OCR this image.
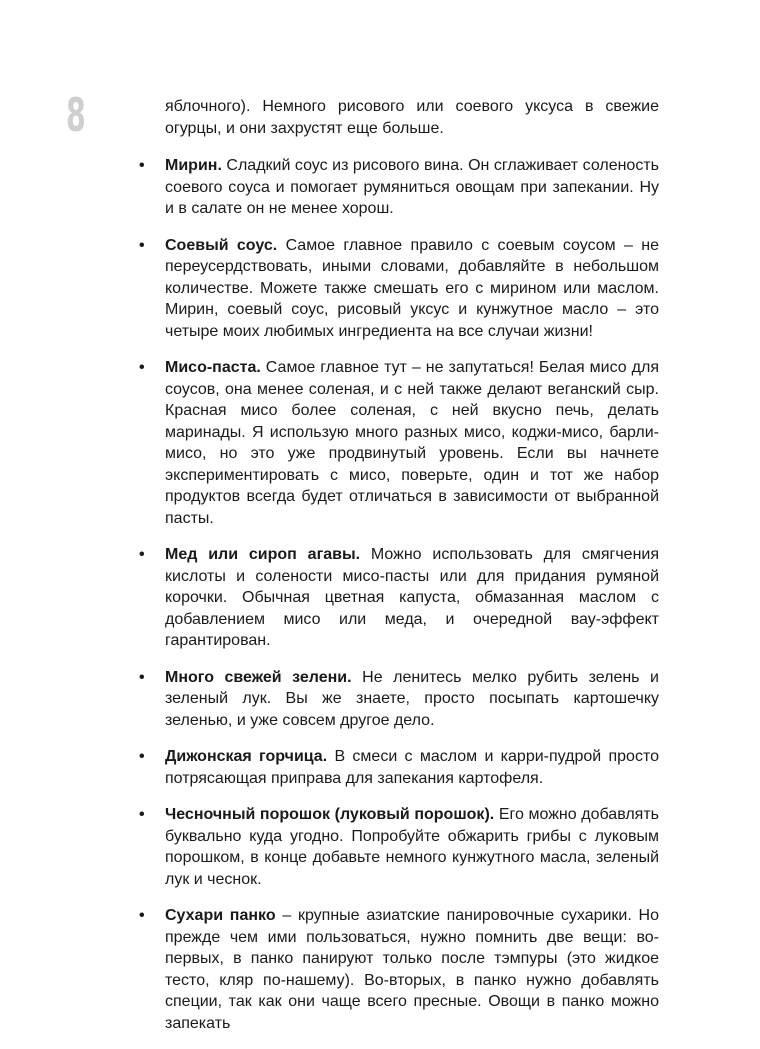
8	яблочного). Немного рисового или соевого уксуса в свежие огурцы, и они захрустят еще больше.

• Мирин. Сладкий соус из рисового вина. Он сглаживает соленость соевого соуса и помогает румяниться овощам при запекании. Ну и в салате он не менее хорош.
• Соевый соус. Самое главное правило с соевым соусом – не переусердствовать, иными словами, добавляйте в небольшом количестве. Можете также смешать его с мирином или маслом. Мирин, соевый соус, рисовый уксус и кунжутное масло – это четыре моих любимых ингредиента на все случаи жизни!
• Мисо-паста. Самое главное тут – не запутаться! Белая мисо для соусов, она менее соленая, и с ней также делают веганский сыр. Красная мисо более соленая, с ней вкусно печь, делать маринады. Я использую много разных мисо, коджи-мисо, барли-мисо, но это уже продвинутый уровень. Если вы начнете экспериментировать с мисо, поверьте, один и тот же набор продуктов всегда будет отличаться в зависимости от выбранной пасты.
• Мед или сироп агавы. Можно использовать для смягчения кислоты и солености мисо-пасты или для придания румяной корочки. Обычная цветная капуста, обмазанная маслом с добавлением мисо или меда, и очередной вау-эффект гарантирован.
• Много свежей зелени. Не ленитесь мелко рубить зелень и зеленый лук. Вы же знаете, просто посыпать картошечку зеленью, и уже совсем другое дело.
• Дижонская горчица. В смеси с маслом и карри-пудрой просто потрясающая приправа для запекания картофеля.
• Чесночный порошок (луковый порошок). Его можно добавлять буквально куда угодно. Попробуйте обжарить грибы с луковым порошком, в конце добавьте немного кунжутного масла, зеленый лук и чеснок.
• Сухари панко – крупные азиатские панировочные сухарики. Но прежде чем ими пользоваться, нужно помнить две вещи: во-первых, в панко панируют только после тэмпуры (это жидкое тесто, кляр по-нашему). Во-вторых, в панко нужно добавлять специи, так как они чаще всего пресные. Овощи в панко можно запекать
